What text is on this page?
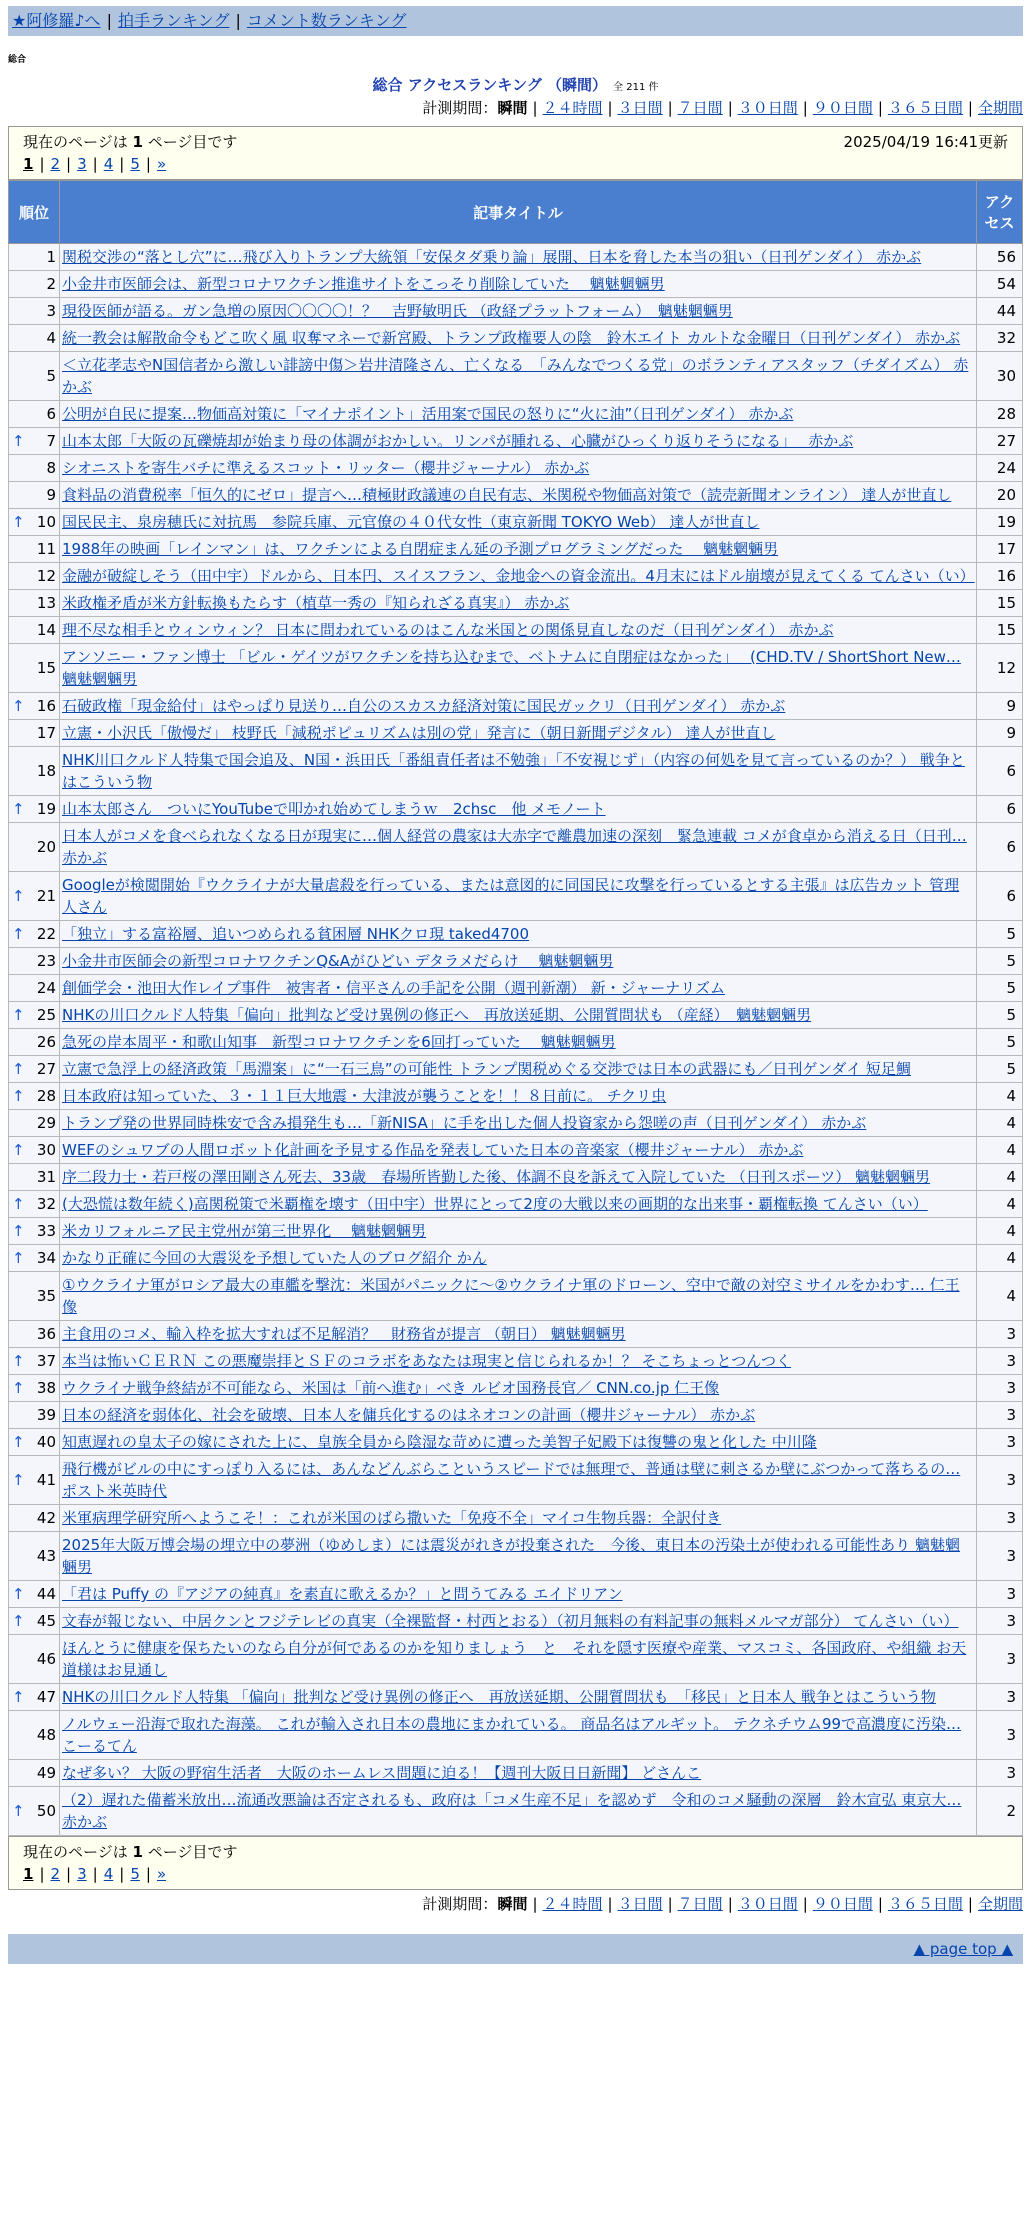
★阿修羅♪へ | 拍手ランキング | コメント数ランキング
総合
総合 アクセスランキング （瞬間） 全 211 件
計測期間：瞬間 | ２４時間 | ３日間 | ７日間 | ３０日間 | ９０日間 | ３６５日間 | 全期間
現在のページは 1 ページ目です	2025/04/19 16:41更新
1 | 2 | 3 | 4 | 5 | »
順位	記事タイトル	アクセス
1	関税交渉の“落とし穴”に…飛び入りトランプ大統領「安保タダ乗り論」展開、日本を脅した本当の狙い（日刊ゲンダイ） 赤かぶ	56
2	小金井市医師会は、新型コロナワクチン推進サイトをこっそり削除していた　 魑魅魍魎男	54
3	現役医師が語る。ガン急増の原因〇〇〇〇！？　吉野敏明氏 （政経プラットフォーム）　魑魅魍魎男	44
4	統一教会は解散命令もどこ吹く風 収奪マネーで新宮殿、トランプ政権要人の陰　鈴木エイト カルトな金曜日（日刊ゲンダイ） 赤かぶ	32
5	＜立花孝志やN国信者から激しい誹謗中傷＞岩井清隆さん、亡くなる　「みんなでつくる党」のボランティアスタッフ（チダイズム） 赤かぶ	30
6	公明が自民に提案…物価高対策に「マイナポイント」活用案で国民の怒りに“火に油”（日刊ゲンダイ） 赤かぶ	28

↑ 7	山本太郎「大阪の瓦礫焼却が始まり母の体調がおかしい。リンパが腫れる、心臓がひっくり返りそうになる」　 赤かぶ	27
8	シオニストを寄生バチに準えるスコット・リッター（櫻井ジャーナル） 赤かぶ	24
9	食料品の消費税率「恒久的にゼロ」提言へ…積極財政議連の自民有志、米関税や物価高対策で（読売新聞オンライン） 達人が世直し	20

↑ 10	国民民主、泉房穂氏に対抗馬　参院兵庫、元官僚の４０代女性（東京新聞 TOKYO Web） 達人が世直し	19
11	1988年の映画「レインマン」は、ワクチンによる自閉症まん延の予測プログラミングだった　 魑魅魍魎男	17
12	金融が破綻しそう（田中宇）ドルから、日本円、スイスフラン、金地金への資金流出。4月末にはドル崩壊が見えてくる てんさい（い）	16
13	米政権矛盾が米方針転換もたらす（植草一秀の『知られざる真実』） 赤かぶ	15
14	理不尽な相手とウィンウィン？ 日本に問われているのはこんな米国との関係見直しなのだ（日刊ゲンダイ） 赤かぶ	15
15	アンソニー・ファン博士 「ビル・ゲイツがワクチンを持ち込むまで、ベトナムに自閉症はなかった」　 (CHD.TV / ShortShort New… 魑魅魍魎男	12

↑ 16	石破政権「現金給付」はやっぱり見送り…自公のスカスカ経済対策に国民ガックリ（日刊ゲンダイ） 赤かぶ	9
17	立憲・小沢氏「傲慢だ」 枝野氏「減税ポピュリズムは別の党」発言に（朝日新聞デジタル） 達人が世直し	9
18	NHK川口クルド人特集で国会追及、N国・浜田氏「番組責任者は不勉強」「不安視じず」（内容の何処を見て言っているのか？） 戦争とはこういう物	6

↑ 19	山本太郎さん　ついにYouTubeで叩かれ始めてしまうｗ　2chsc　他 メモノート	6
20	日本人がコメを食べられなくなる日が現実に…個人経営の農家は大赤字で離農加速の深刻　緊急連載 コメが食卓から消える日（日刊… 赤かぶ	6

↑ 21	Googleが検閲開始『ウクライナが大量虐殺を行っている、または意図的に同国民に攻撃を行っているとする主張』は広告カット 管理人さん	6

↑ 22	「独立」する富裕層、追いつめられる貧困層 NHKクロ現 taked4700	5
23	小金井市医師会の新型コロナワクチンQ&Aがひどい デタラメだらけ　 魑魅魍魎男	5
24	創価学会・池田大作レイプ事件　被害者・信平さんの手記を公開（週刊新潮） 新・ジャーナリズム	5

↑ 25	NHKの川口クルド人特集「偏向」批判など受け異例の修正へ　再放送延期、公開質問状も （産経）　魑魅魍魎男	5
26	急死の岸本周平・和歌山知事　新型コロナワクチンを6回打っていた　 魑魅魍魎男	5

↑ 27	立憲で急浮上の経済政策「馬淵案」に“一石三鳥”の可能性 トランプ関税めぐる交渉では日本の武器にも／日刊ゲンダイ 短足鯛	5

↑ 28	日本政府は知っていた、３・１１巨大地震・大津波が襲うことを！！８日前に。 チクリ虫	4
29	トランプ発の世界同時株安で含み損発生も…「新NISA」に手を出した個人投資家から怨嗟の声（日刊ゲンダイ） 赤かぶ	4

↑ 30	WEFのシュワブの人間ロボット化計画を予見する作品を発表していた日本の音楽家（櫻井ジャーナル） 赤かぶ	4
31	序二段力士・若戸桜の澤田剛さん死去、33歳　春場所皆勤した後、体調不良を訴えて入院していた （日刊スポーツ） 魑魅魍魎男	4

↑ 32	(大恐慌は数年続く)高関税策で米覇権を壊す（田中宇）世界にとって2度の大戦以来の画期的な出来事・覇権転換 てんさい（い）	4

↑ 33	米カリフォルニア民主党州が第三世界化　 魑魅魍魎男	4

↑ 34	かなり正確に今回の大震災を予想していた人のブログ紹介 かん	4
35	①ウクライナ軍がロシア最大の車艦を撃沈：米国がパニックに～②ウクライナ軍のドローン、空中で敵の対空ミサイルをかわす… 仁王像	4
36	主食用のコメ、輸入枠を拡大すれば不足解消？　財務省が提言 （朝日） 魑魅魍魎男	3

↑ 37	本当は怖いＣＥＲＮ この悪魔崇拝とＳＦのコラボをあなたは現実と信じられるか！？ そこちょっとつんつく	3

↑ 38	ウクライナ戦争終結が不可能なら、米国は「前へ進む」べき ルビオ国務長官／ CNN.co.jp 仁王像	3
39	日本の経済を弱体化、社会を破壊、日本人を傭兵化するのはネオコンの計画（櫻井ジャーナル） 赤かぶ	3

↑ 40	知恵遅れの皇太子の嫁にされた上に、皇族全員から陰湿な苛めに遭った美智子妃殿下は復讐の鬼と化した 中川隆	3

↑ 41	飛行機がビルの中にすっぽり入るには、あんなどんぶらこというスピードでは無理で、普通は壁に刺さるか壁にぶつかって落ちるの… ポスト米英時代	3
42	米軍病理学研究所へようこそ！：これが米国のばら撒いた「免疫不全」マイコ生物兵器：全訳付き	3
43	2025年大阪万博会場の埋立中の夢洲（ゆめしま）には震災がれきが投棄された　今後、東日本の汚染土が使われる可能性あり 魑魅魍魎男	3

↑ 44	「君は Puffy の『アジアの純真』を素直に歌えるか？」と問うてみる エイドリアン	3

↑ 45	文春が報じない、中居クンとフジテレビの真実（全裸監督・村西とおる）（初月無料の有料記事の無料メルマガ部分） てんさい（い）	3
46	ほんとうに健康を保ちたいのなら自分が何であるのかを知りましょう　と　それを隠す医療や産業、マスコミ、各国政府、や組織 お天道様はお見通し	3

↑ 47	NHKの川口クルド人特集 「偏向」批判など受け異例の修正へ　再放送延期、公開質問状も　「移民」と日本人 戦争とはこういう物	3
48	ノルウェー沿海で取れた海藻。 これが輸入され日本の農地にまかれている。 商品名はアルギット。 テクネチウム99で高濃度に汚染… こーるてん	3
49	なぜ多い？ 大阪の野宿生活者　大阪のホームレス問題に迫る！【週刊大阪日日新聞】 どさんこ	3

↑ 50	（2）遅れた備蓄米放出…流通改悪論は否定されるも、政府は「コメ生産不足」を認めず　令和のコメ騒動の深層　鈴木宣弘 東京大… 赤かぶ	2
現在のページは 1 ページ目です
1 | 2 | 3 | 4 | 5 | »
計測期間：瞬間 | ２４時間 | ３日間 | ７日間 | ３０日間 | ９０日間 | ３６５日間 | 全期間
▲ page top ▲
